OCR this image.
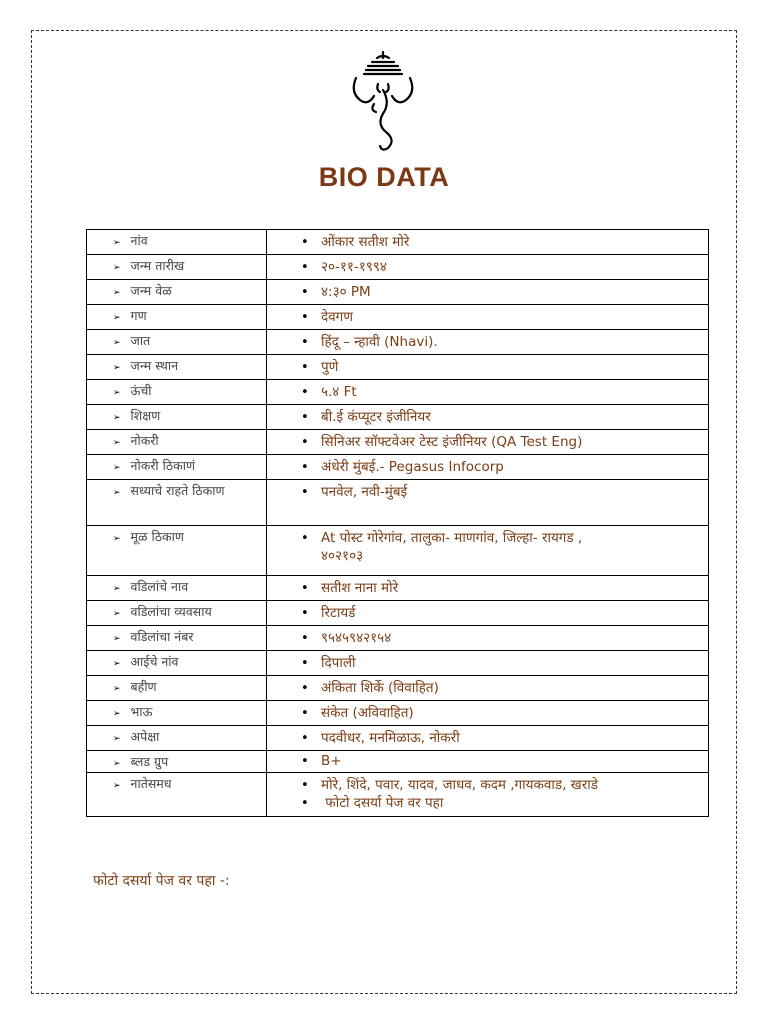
BIO DATA
➢ नांव	• ओंकार सतीश मोरे

➢ जन्म तारीख	• २०-११-१९९४

➢ जन्म वेळ	• ४:३० PM

➢ गण	• देवगण

➢ जात	• हिंदू – न्हावी (Nhavi).

➢ जन्म स्थान	• पुणे

➢ ऊंची	• ५.४ Ft

➢ शिक्षण	• बी.ई कंप्यूटर इंजीनियर

➢ नोकरी	• सिनिअर सॉफ्टवेअर टेस्ट इंजीनियर (QA Test Eng)

➢ नोकरी ठिकाणं	• अंधेरी मुंबई.- Pegasus Infocorp

➢ सध्याचे राहते ठिकाण	• पनवेल, नवी-मुंबई

➢ मूळ ठिकाण	• At पोस्ट गोरेगांव, तालुका- माणगांव, जिल्हा- रायगड ,
४०२१०३

➢ वडिलांचे नाव	• सतीश नाना मोरे

➢ वडिलांचा व्यवसाय	• रिटायर्ड

➢ वडिलांचा नंबर	• ९५४५९४२१५४

➢ आईचे नांव	• दिपाली

➢ बहीण	• अंकिता शिर्के (विवाहित)

➢ भाऊ	• संकेत (अविवाहित)

➢ अपेक्षा	• पदवीधर, मनमिळाऊ, नोकरी

➢ ब्लड ग्रुप	• B+

➢ नातेसमध	• मोरे, शिंदे, पवार, यादव, जाधव, कदम ,गायकवाड, खराडे
• फोटो दसर्या पेज वर पहा
फोटो दसर्या पेज वर पहा -:
